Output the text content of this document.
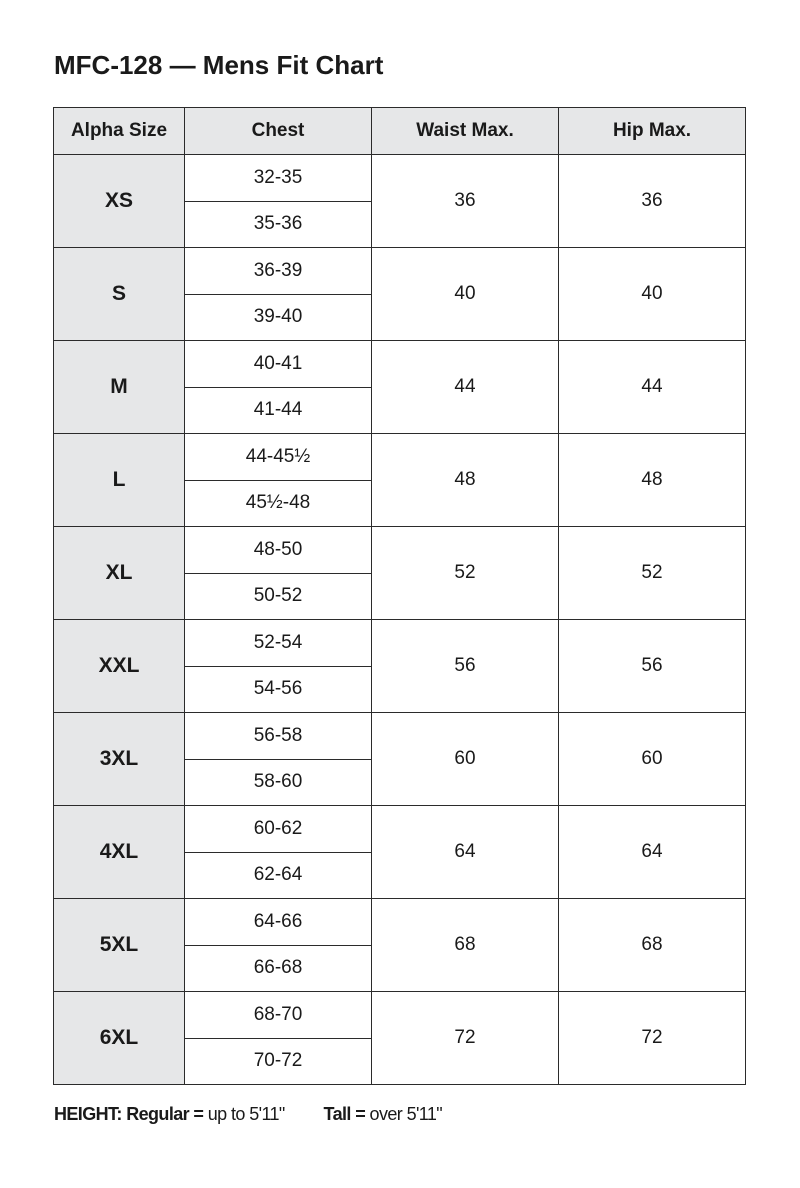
MFC-128 — Mens Fit Chart
Alpha Size	Chest	Waist Max.	Hip Max.
XS	32-35	36	36
	35-36		
S	36-39	40	40
	39-40		
M	40-41	44	44
	41-44		
L	44-45½	48	48
	45½-48		
XL	48-50	52	52
	50-52		
XXL	52-54	56	56
	54-56		
3XL	56-58	60	60
	58-60		
4XL	60-62	64	64
	62-64		
5XL	64-66	68	68
	66-68		
6XL	68-70	72	72
	70-72		
HEIGHT: Regular = up to 5'11" Tall = over 5'11"
